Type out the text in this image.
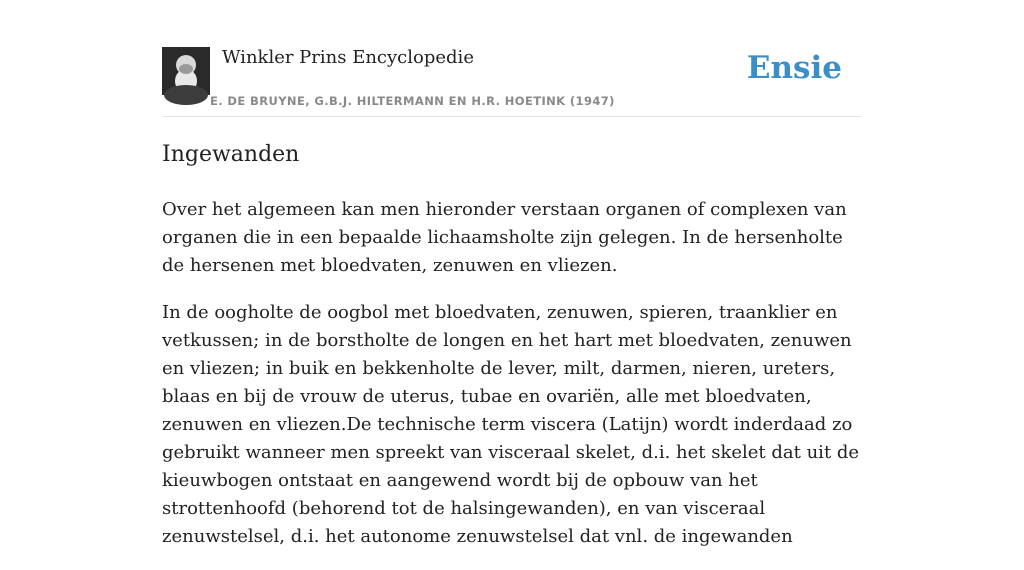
Winkler Prins Encyclopedie
E. DE BRUYNE, G.B.J. HILTERMANN EN H.R. HOETINK (1947)
Ensie
Ingewanden

Over het algemeen kan men hieronder verstaan organen of complexen van organen die in een bepaalde lichaamsholte zijn gelegen. In de hersenholte de hersenen met bloedvaten, zenuwen en vliezen.

In de oogholte de oogbol met bloedvaten, zenuwen, spieren, traanklier en vetkussen; in de borstholte de longen en het hart met bloedvaten, zenuwen en vliezen; in buik en bekkenholte de lever, milt, darmen, nieren, ureters, blaas en bij de vrouw de uterus, tubae en ovariën, alle met bloedvaten, zenuwen en vliezen.De technische term viscera (Latijn) wordt inderdaad zo gebruikt wanneer men spreekt van visceraal skelet, d.i. het skelet dat uit de kieuwbogen ontstaat en aangewend wordt bij de opbouw van het strottenhoofd (behorend tot de halsingewanden), en van visceraal zenuwstelsel, d.i. het autonome zenuwstelsel dat vnl. de ingewanden
